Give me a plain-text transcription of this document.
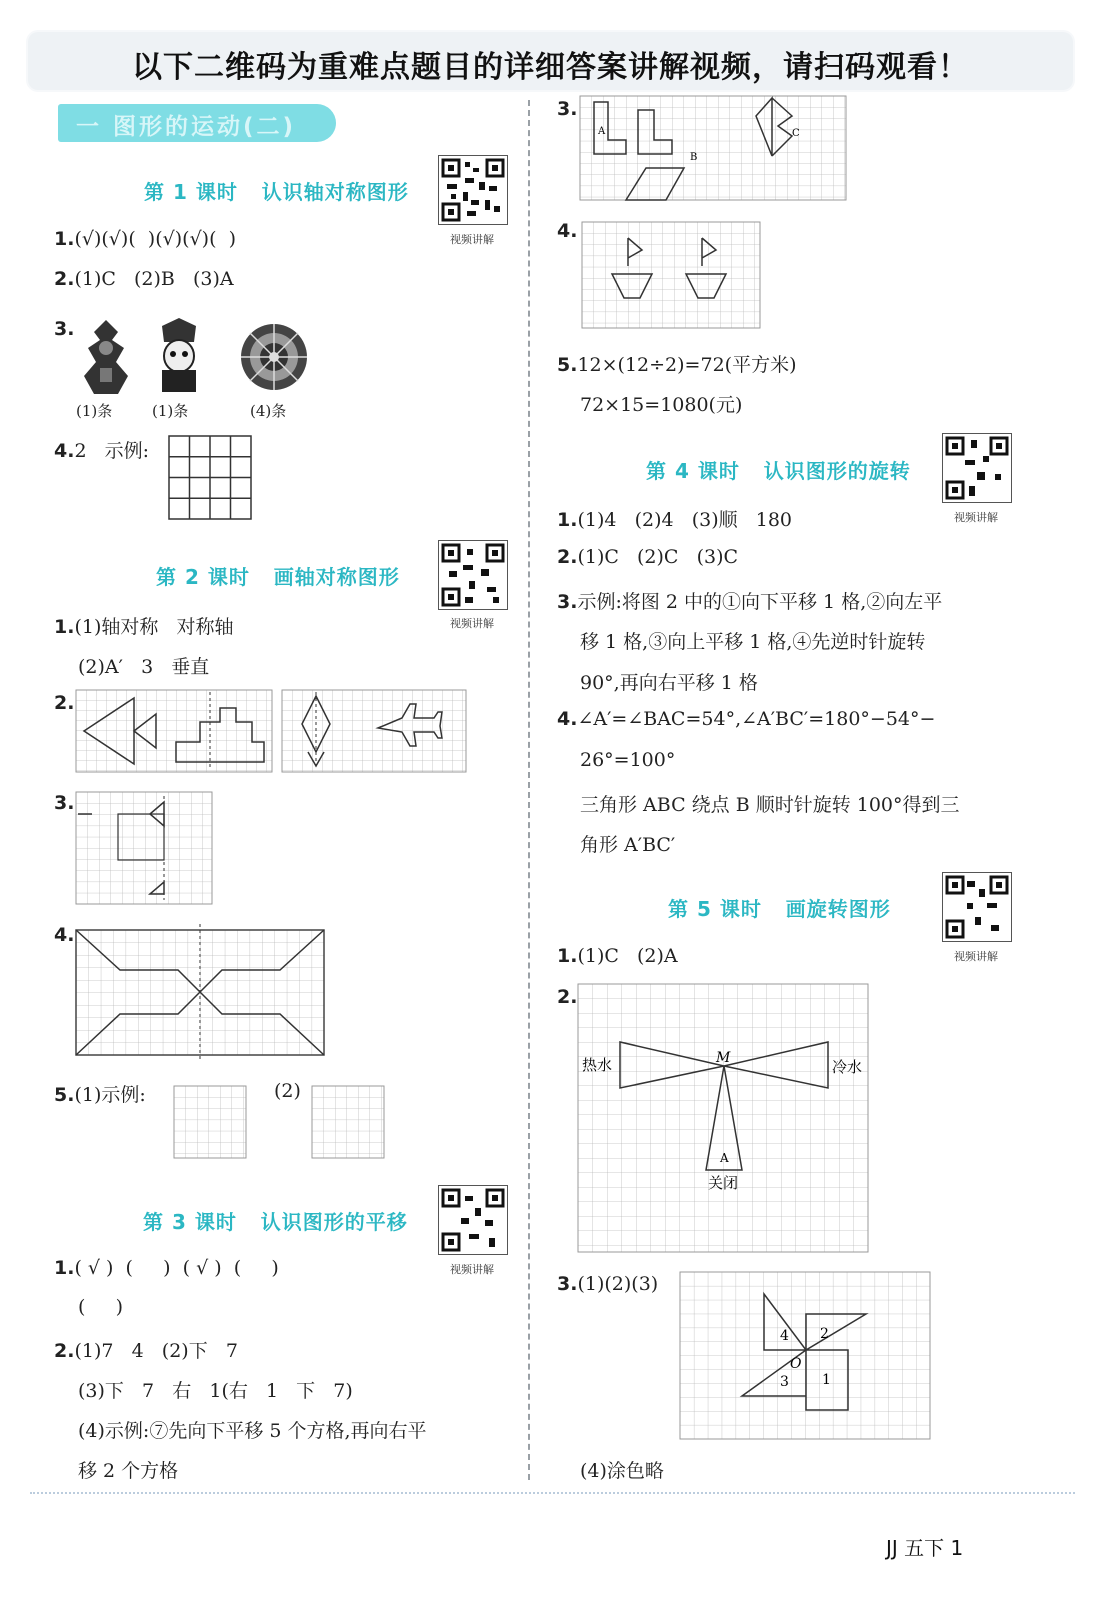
以下二维码为重难点题目的详细答案讲解视频，请扫码观看！
一 图形的运动(二)
第 1 课时   认识轴对称图形
视频讲解
1.(√)(√)(  )(√)(√)(  )
2.(1)C   (2)B   (3)A
3.
(1)条	(1)条	(4)条
4.2   示例:
第 2 课时   画轴对称图形
视频讲解
1.(1)轴对称   对称轴
(2)A′   3   垂直
2.
3.
4.
5.(1)示例:	(2)
第 3 课时   认识图形的平移
视频讲解
1.( √ )  (     )  ( √ )  (     )
(     )
2.(1)7   4   (2)下   7
(3)下   7   右   1(右   1   下   7)
(4)示例:⑦先向下平移 5 个方格,再向右平
移 2 个方格
3.
A
B
C
4.
5.12×(12÷2)=72(平方米)
72×15=1080(元)
第 4 课时   认识图形的旋转
视频讲解
1.(1)4   (2)4   (3)顺   180
2.(1)C   (2)C   (3)C
3.示例:将图 2 中的①向下平移 1 格,②向左平
移 1 格,③向上平移 1 格,④先逆时针旋转
90°,再向右平移 1 格
4.∠A′=∠BAC=54°,∠A′BC′=180°−54°−
26°=100°
三角形 ABC 绕点 B 顺时针旋转 100°得到三
角形 A′BC′
第 5 课时   画旋转图形
视频讲解
1.(1)C   (2)A
2.
热水	M	冷水
A
关闭
3.(1)(2)(3)
4 2
O
3 1
(4)涂色略
JJ 五下 1
